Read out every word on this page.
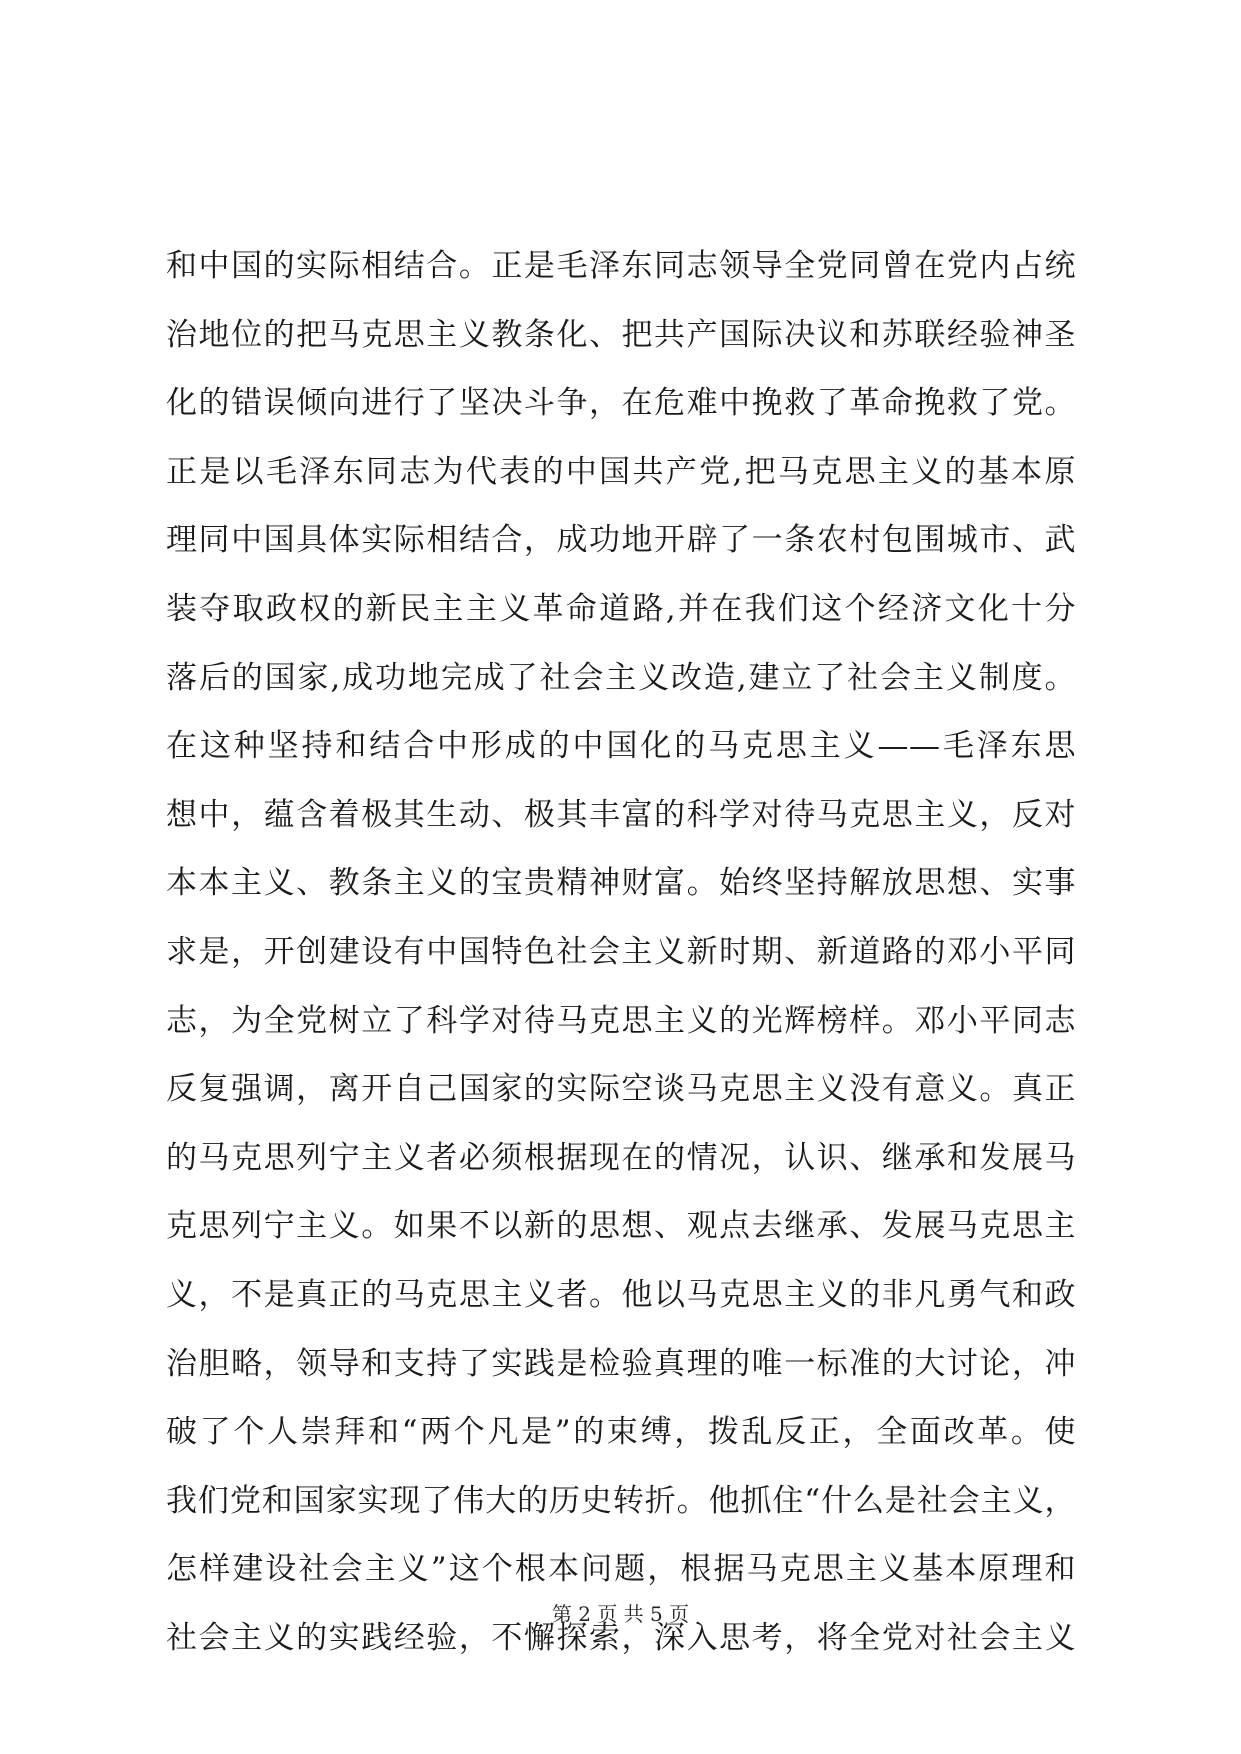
和中国的实际相结合。正是毛泽东同志领导全党同曾在党内占统
治地位的把马克思主义教条化、把共产国际决议和苏联经验神圣
化的错误倾向进行了坚决斗争，在危难中挽救了革命挽救了党。
正是以毛泽东同志为代表的中国共产党,把马克思主义的基本原
理同中国具体实际相结合，成功地开辟了一条农村包围城市、武
装夺取政权的新民主主义革命道路,并在我们这个经济文化十分
落后的国家,成功地完成了社会主义改造,建立了社会主义制度。
在这种坚持和结合中形成的中国化的马克思主义——毛泽东思
想中，蕴含着极其生动、极其丰富的科学对待马克思主义，反对
本本主义、教条主义的宝贵精神财富。始终坚持解放思想、实事
求是，开创建设有中国特色社会主义新时期、新道路的邓小平同
志，为全党树立了科学对待马克思主义的光辉榜样。邓小平同志
反复强调，离开自己国家的实际空谈马克思主义没有意义。真正
的马克思列宁主义者必须根据现在的情况，认识、继承和发展马
克思列宁主义。如果不以新的思想、观点去继承、发展马克思主
义，不是真正的马克思主义者。他以马克思主义的非凡勇气和政
治胆略，领导和支持了实践是检验真理的唯一标准的大讨论，冲
破了个人崇拜和“两个凡是”的束缚，拨乱反正，全面改革。使
我们党和国家实现了伟大的历史转折。他抓住“什么是社会主义，
怎样建设社会主义”这个根本问题，根据马克思主义基本原理和
社会主义的实践经验，不懈探索，深入思考，将全党对社会主义
第 2 页 共 5 页
